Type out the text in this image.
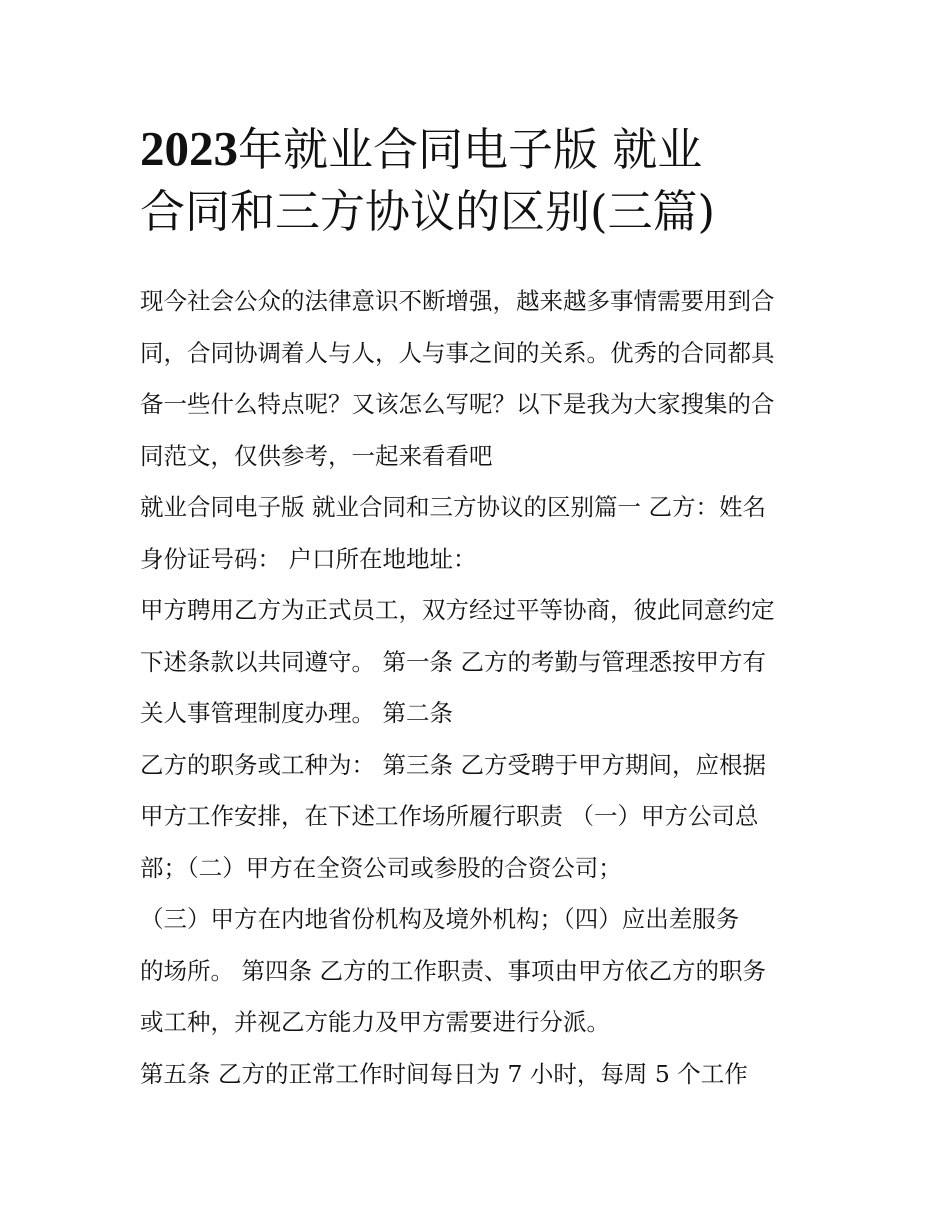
2023年就业合同电子版 就业
合同和三方协议的区别(三篇)
现今社会公众的法律意识不断增强，越来越多事情需要用到合
同，合同协调着人与人，人与事之间的关系。优秀的合同都具
备一些什么特点呢？又该怎么写呢？以下是我为大家搜集的合
同范文，仅供参考，一起来看看吧
就业合同电子版 就业合同和三方协议的区别篇一 乙方：姓名
身份证号码： 户口所在地地址：
甲方聘用乙方为正式员工，双方经过平等协商，彼此同意约定
下述条款以共同遵守。 第一条 乙方的考勤与管理悉按甲方有
关人事管理制度办理。 第二条
乙方的职务或工种为： 第三条 乙方受聘于甲方期间，应根据
甲方工作安排，在下述工作场所履行职责 （一）甲方公司总
部；（二）甲方在全资公司或参股的合资公司；
（三）甲方在内地省份机构及境外机构；（四）应出差服务
的场所。 第四条 乙方的工作职责、事项由甲方依乙方的职务
或工种，并视乙方能力及甲方需要进行分派。
第五条 乙方的正常工作时间每日为 7 小时，每周 5 个工作
